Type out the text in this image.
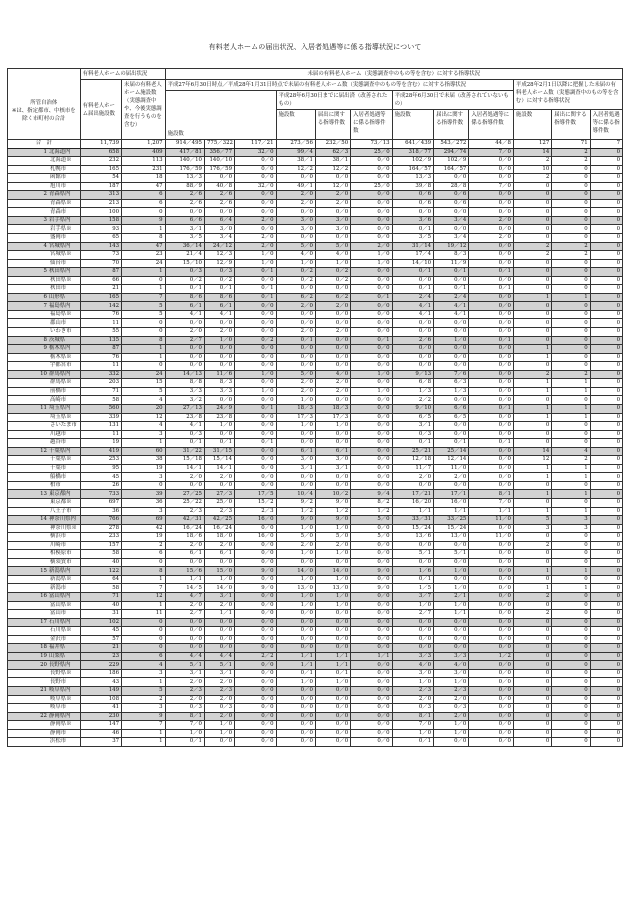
有料老人ホームの届出状況、入居者処遇等に係る指導状況について
所管自治体
※は、指定都市、中核市を除く市町村の合計		有料老人ホームの届出状況		未届の有料老人ホーム（実態調査中のもの等を含む）に対する指導状況											
		有料老人ホーム届出施設数	未届の有料老人ホーム施設数（実態調査中や、今後実態調査を行うものを含む）	平成27年6月30日時点／平成28年1月31日時点で未届の有料老人ホーム数（実態調査中のもの等を含む）に対する指導状況									平成28年2月1日以降に把握した未届の有料老人ホーム数（実態調査中のもの等を含む）に対する指導状況		
				施設数			平成28年6月30日までに届出済（改善されたもの）			平成28年6月30日で未届（改善されていないもの）					
							施設数	届出に関する指導件数	入居者処遇等に係る指導件数	施設数	届出に関する指導件数	入居者処遇等に係る指導件数	施設数	届出に関する指導件数	入居者処遇等に係る指導件数
合　計		11,739	1,207	914／495	775／322	117／21	273／56	232／50	73／13	641／439	543／272	44／8	127	71	7
1	北海道内	658	409	417／81	356／77	32／0	99／4	62／3	25／0	318／77	294／74	7／0	14	2	0
	北海道※	232	113	140／10	140／10	0／0	38／1	38／1	0／0	102／9	102／9	0／0	2	2	0
	札幌市	165	231	176／59	176／59	0／0	12／2	12／2	0／0	164／57	164／57	0／0	10	0	0
	函館市	54	18	13／3	0／0	0／0	0／0	0／0	0／0	13／3	0／0	0／0	2	0	0
	旭川市	187	47	88／9	40／8	32／0	49／1	12／0	25／0	39／8	28／8	7／0	0	0	0
2	青森県内	313	6	2／6	2／6	0／0	2／0	2／0	0／0	0／6	0／6	0／0	0	0	0
	青森県※	213	6	2／6	2／6	0／0	2／0	2／0	0／0	0／6	0／6	0／0	0	0	0
	青森市	100	0	0／0	0／0	0／0	0／0	0／0	0／0	0／0	0／0	0／0	0	0	0
3	岩手県内	158	9	6／6	6／4	2／0	3／0	3／0	0／0	3／6	3／4	2／0	0	0	0
	岩手県※	93	1	3／1	3／0	0／0	3／0	3／0	0／0	0／1	0／0	0／0	0	0	0
	盛岡市	65	8	3／5	3／4	2／0	0／0	0／0	0／0	3／5	3／4	2／0	0	0	0
4	宮城県内	143	47	36／14	24／12	2／0	5／0	5／0	2／0	31／14	19／12	0／0	2	2	0
	宮城県※	73	23	21／4	12／3	1／0	4／0	4／0	1／0	17／4	8／3	0／0	2	2	0
	仙台市	70	24	15／10	12／9	1／0	1／0	1／0	1／0	14／10	11／9	0／0	0	0	0
5	秋田県内	87	1	0／3	0／3	0／1	0／2	0／2	0／0	0／1	0／1	0／1	0	0	0
	秋田県※	66	0	0／2	0／2	0／0	0／2	0／2	0／0	0／0	0／0	0／0	0	0	0
	秋田市	21	1	0／1	0／1	0／1	0／0	0／0	0／0	0／1	0／1	0／1	0	0	0
6	山形県	165	7	8／6	8／6	0／1	6／2	6／2	0／1	2／4	2／4	0／0	1	1	0
7	福島県内	142	5	6／1	6／1	0／0	2／0	2／0	0／0	4／1	4／1	0／0	0	0	0
	福島県※	76	5	4／1	4／1	0／0	0／0	0／0	0／0	4／1	4／1	0／0	0	0	0
	郡山市	11	0	0／0	0／0	0／0	0／0	0／0	0／0	0／0	0／0	0／0	0	0	0
	いわき市	55	0	2／0	2／0	0／0	2／0	2／0	0／0	0／0	0／0	0／0	0	0	0
8	茨城県	135	8	2／7	1／0	0／2	0／1	0／0	0／1	2／6	1／0	0／1	0	0	0
9	栃木県内	87	1	0／0	0／0	0／0	0／0	0／0	0／0	0／0	0／0	0／0	1	0	0
	栃木県※	76	1	0／0	0／0	0／0	0／0	0／0	0／0	0／0	0／0	0／0	1	0	0
	宇都宮市	11	0	0／0	0／0	0／0	0／0	0／0	0／0	0／0	0／0	0／0	0	0	0
10	群馬県内	332	24	14／13	11／6	1／0	5／0	4／0	1／0	9／13	7／6	0／0	2	2	0
	群馬県※	203	15	8／8	8／3	0／0	2／0	2／0	0／0	6／8	6／3	0／0	1	1	0
	前橋市	71	5	3／3	3／3	1／0	2／0	2／0	1／0	1／3	1／3	0／0	1	1	0
	高崎市	58	4	3／2	0／0	0／0	1／0	0／0	0／0	2／2	0／0	0／0	0	0	0
11	埼玉県内	560	20	27／13	24／9	0／1	18／3	18／3	0／0	9／10	6／6	0／1	1	1	0
	埼玉県※	339	12	23／8	23／8	0／0	17／3	17／3	0／0	6／5	6／5	0／0	1	1	0
	さいたま市	131	4	4／1	1／0	0／0	1／0	1／0	0／0	3／1	0／0	0／0	0	0	0
	川越市	11	3	0／3	0／0	0／0	0／0	0／0	0／0	0／3	0／0	0／0	0	0	0
	越谷市	19	1	0／1	0／1	0／1	0／0	0／0	0／0	0／1	0／1	0／1	0	0	0
12	千葉県内	419	60	31／22	31／15	0／0	6／1	6／1	0／0	25／21	25／14	0／0	14	4	0
	千葉県※	253	38	15／18	15／14	0／0	3／0	3／0	0／0	12／18	12／14	0／0	12	2	0
	千葉市	95	19	14／1	14／1	0／0	3／1	3／1	0／0	11／7	11／0	0／0	1	1	0
	船橋市	45	3	2／0	2／0	0／0	0／0	0／0	0／0	2／0	2／0	0／0	1	1	0
	柏市	26	0	0／0	0／0	0／0	0／0	0／0	0／0	0／0	0／0	0／0	0	0	0
13	東京都内	733	39	27／25	27／3	17／5	10／4	10／2	9／4	17／21	17／1	8／1	1	1	0
	東京都※	697	36	25／22	25／0	15／2	9／2	9／0	8／2	16／20	16／0	7／0	0	0	0
	八王子市	36	3	2／3	2／3	2／3	1／2	1／2	1／2	1／1	1／1	1／1	1	1	0
14	神奈川県内	766	69	42／31	42／25	16／0	9／0	9／0	5／0	33／31	33／25	11／0	5	3	0
	神奈川県※	278	42	16／24	16／24	0／0	1／0	1／0	0／0	15／24	15／24	0／0	3	3	0
	横浜市	233	19	18／6	18／0	16／0	5／0	5／0	5／0	13／6	13／0	11／0	0	0	0
	川崎市	157	2	2／0	2／0	0／0	2／0	2／0	0／0	0／0	0／0	0／0	2	0	0
	相模原市	58	6	6／1	6／1	0／0	1／0	1／0	0／0	5／1	5／1	0／0	0	0	0
	横須賀市	40	0	0／0	0／0	0／0	0／0	0／0	0／0	0／0	0／0	0／0	0	0	0
15	新潟県内	122	8	15／6	15／0	9／0	14／0	14／0	9／0	1／6	1／0	0／0	1	1	0
	新潟県※	64	1	1／1	1／0	0／0	1／0	1／0	0／0	0／1	0／0	0／0	0	0	0
	新潟市	58	7	14／5	14／0	9／0	13／0	13／0	9／0	1／5	1／0	0／0	1	1	0
16	富山県内	71	12	4／7	3／1	0／0	1／0	1／0	0／0	3／7	2／1	0／0	2	0	0
	富山県※	40	1	2／0	2／0	0／0	1／0	1／0	0／0	1／0	1／0	0／0	0	0	0
	富山市	31	11	2／7	1／1	0／0	0／0	0／0	0／0	2／7	1／1	0／0	2	0	0
17	石川県内	102	0	0／0	0／0	0／0	0／0	0／0	0／0	0／0	0／0	0／0	0	0	0
	石川県※	45	0	0／0	0／0	0／0	0／0	0／0	0／0	0／0	0／0	0／0	0	0	0
	金沢市	57	0	0／0	0／0	0／0	0／0	0／0	0／0	0／0	0／0	0／0	0	0	0
18	福井県	21	0	0／0	0／0	0／0	0／0	0／0	0／0	0／0	0／0	0／0	0	0	0
19	山梨県	23	6	4／4	4／4	2／2	1／1	1／1	1／1	3／3	3／3	1／2	0	0	0
20	長野県内	229	4	5／1	5／1	0／0	1／1	1／1	0／0	4／0	4／0	0／0	0	0	0
	長野県※	186	3	3／1	3／1	0／0	0／1	0／1	0／0	3／0	3／0	0／0	0	0	0
	長野市	43	1	2／0	2／0	0／0	1／0	1／0	0／0	1／0	1／0	0／0	0	0	0
21	岐阜県内	149	5	2／3	2／3	0／0	0／0	0／0	0／0	2／3	2／3	0／0	0	0	0
	岐阜県※	108	2	2／0	2／0	0／0	0／0	0／0	0／0	2／0	2／0	0／0	0	0	0
	岐阜市	41	3	0／3	0／3	0／0	0／0	0／0	0／0	0／3	0／3	0／0	0	0	0
22	静岡県内	230	9	8／1	2／0	0／0	0／0	0／0	0／0	8／1	2／0	0／0	0	0	0
	静岡県※	147	7	7／0	1／0	0／0	0／0	0／0	0／0	7／0	1／0	0／0	0	0	0
	静岡市	46	1	1／0	1／0	0／0	0／0	0／0	0／0	1／0	1／0	0／0	0	0	0
	浜松市	37	1	0／1	0／0	0／0	0／0	0／0	0／0	0／1	0／0	0／0	0	0	0
